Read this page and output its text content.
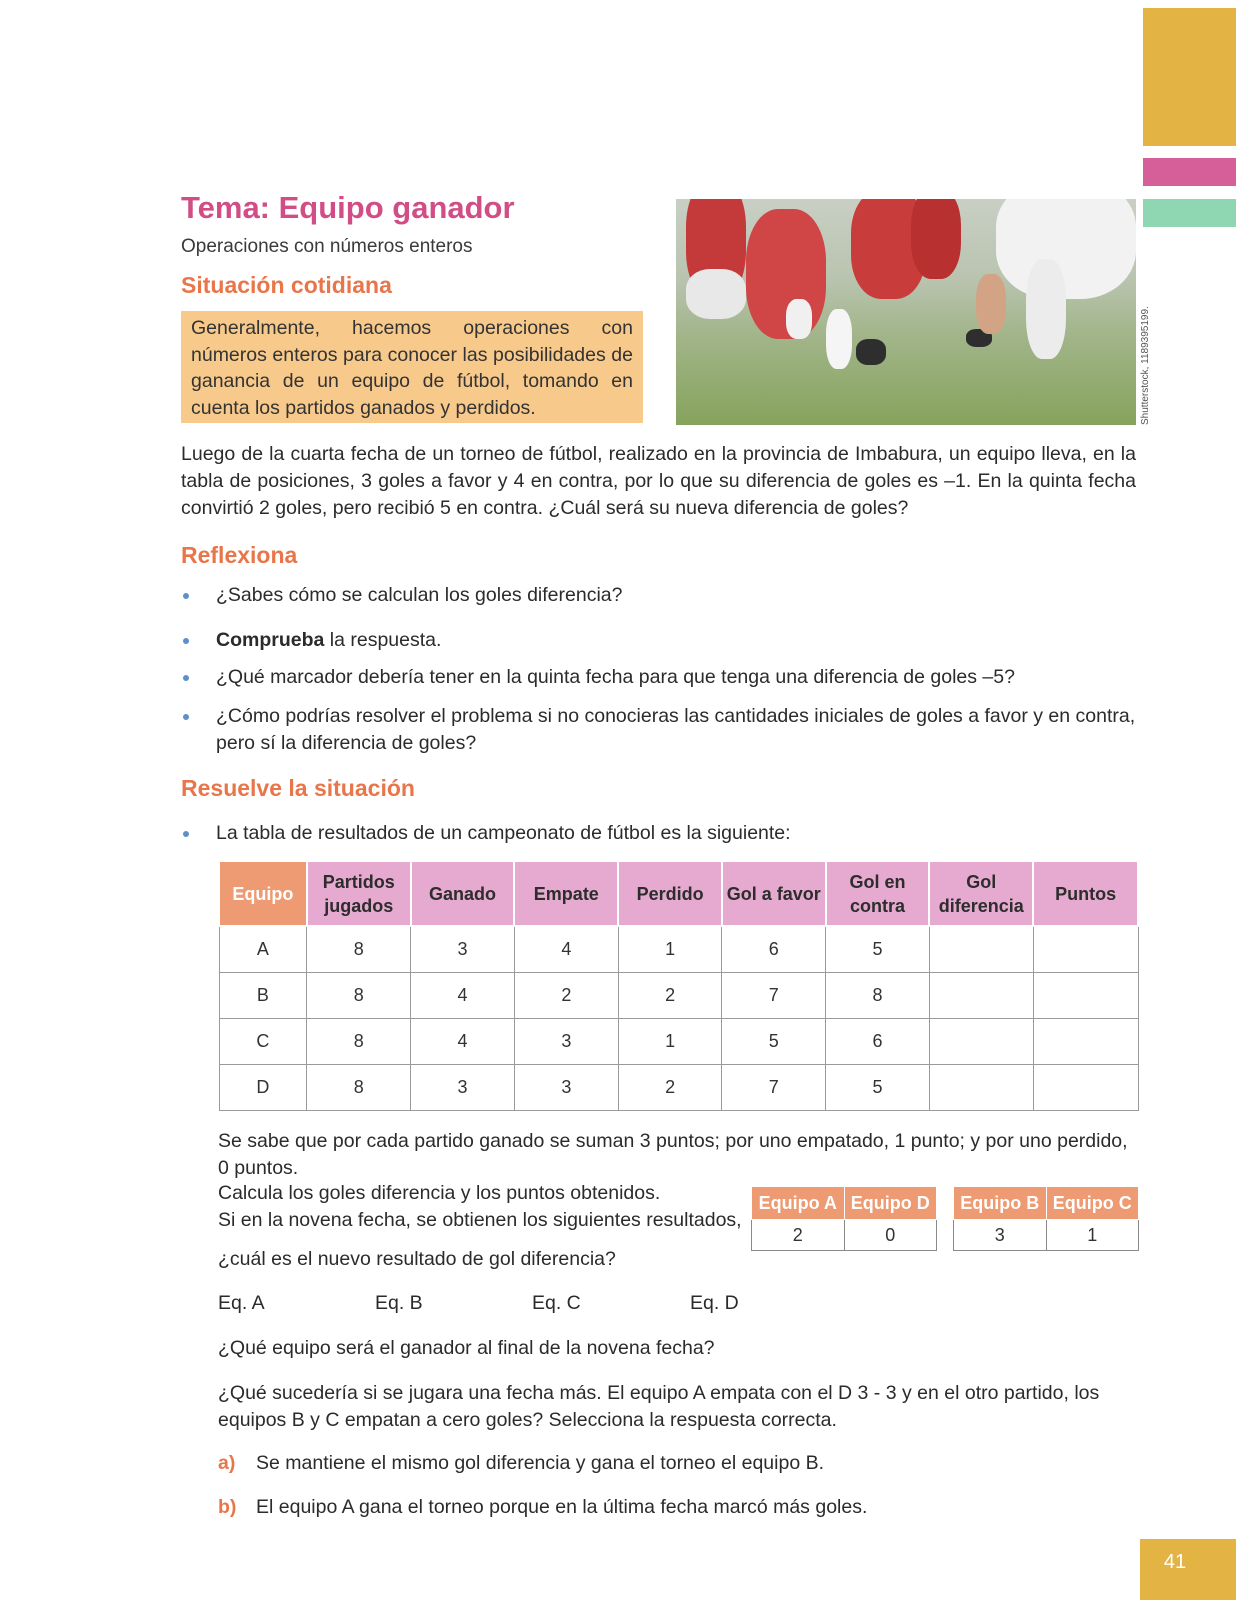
Tema: Equipo ganador
Operaciones con números enteros
Situación cotidiana
Generalmente, hacemos operaciones con números enteros para conocer las posibilidades de ganancia de un equipo de fútbol, tomando en cuenta los partidos ganados y perdidos.	Shutterstock, 1189395199.
Luego de la cuarta fecha de un torneo de fútbol, realizado en la provincia de Imbabura, un equipo lleva, en la tabla de posiciones, 3 goles a favor y 4 en contra, por lo que su diferencia de goles es –1. En la quinta fecha convirtió 2 goles, pero recibió 5 en contra. ¿Cuál será su nueva diferencia de goles?
Reflexiona
¿Sabes cómo se calculan los goles diferencia?
Comprueba la respuesta.
¿Qué marcador debería tener en la quinta fecha para que tenga una diferencia de goles –5?
¿Cómo podrías resolver el problema si no conocieras las cantidades iniciales de goles a favor y en contra, pero sí la diferencia de goles?
Resuelve la situación
La tabla de resultados de un campeonato de fútbol es la siguiente:
Equipo	Partidos jugados	Ganado	Empate	Perdido	Gol a favor	Gol en contra	Gol diferencia	Puntos
A	8	3	4	1	6	5		
B	8	4	2	2	7	8		
C	8	4	3	1	5	6		
D	8	3	3	2	7	5		
Se sabe que por cada partido ganado se suman 3 puntos; por uno empatado, 1 punto; y por uno perdido, 0 puntos.
Calcula los goles diferencia y los puntos obtenidos.
Si en la novena fecha, se obtienen los siguientes resultados,
¿cuál es el nuevo resultado de gol diferencia?
Equipo A	Equipo D
2	0
Equipo B	Equipo C
3	1
Eq. A	Eq. B	Eq. C	Eq. D
¿Qué equipo será el ganador al final de la novena fecha?
¿Qué sucedería si se jugara una fecha más. El equipo A empata con el D 3 - 3 y en el otro partido, los equipos B y C empatan a cero goles? Selecciona la respuesta correcta.
a) Se mantiene el mismo gol diferencia y gana el torneo el equipo B.
b) El equipo A gana el torneo porque en la última fecha marcó más goles.
41
